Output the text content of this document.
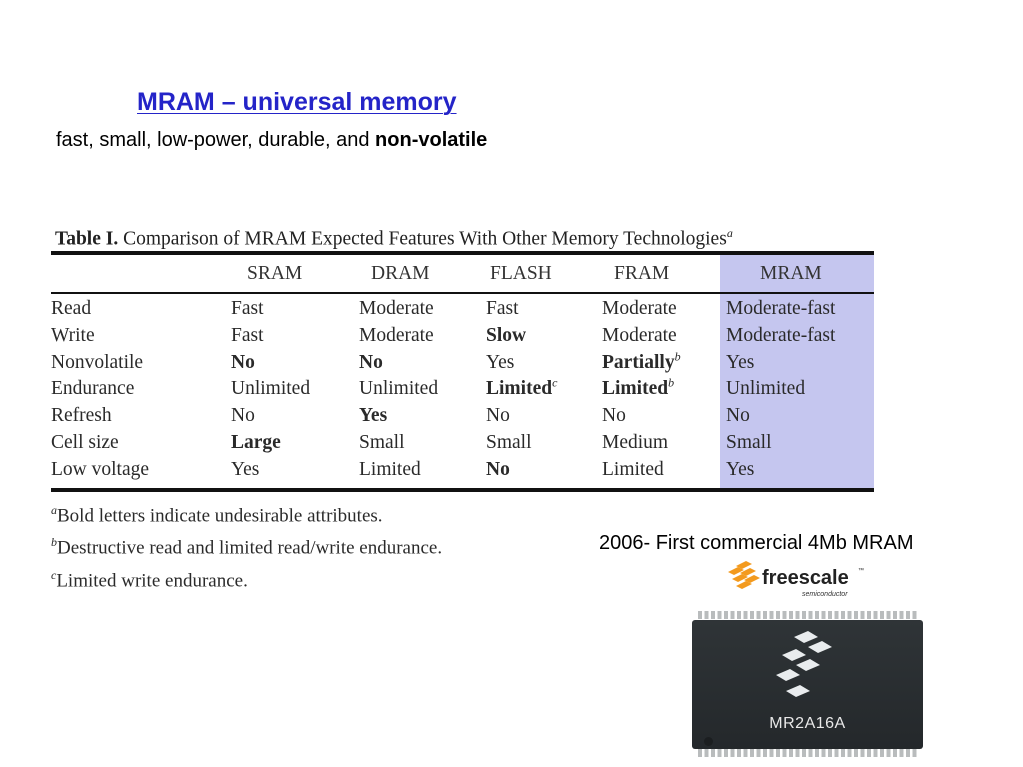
MRAM – universal memory
fast, small, low-power, durable, and non-volatile
Table I. Comparison of MRAM Expected Features With Other Memory Technologies$^a$
	SRAM	DRAM	FLASH	FRAM	MRAM
Read	Fast	Moderate	Fast	Moderate	Moderate-fast
Write	Fast	Moderate	Slow	Moderate	Moderate-fast
Nonvolatile	No	No	Yes	Partially$^b$	Yes
Endurance	Unlimited	Unlimited	Limited$^c$	Limited$^b$	Unlimited
Refresh	No	Yes	No	No	No
Cell size	Large	Small	Small	Medium	Small
Low voltage	Yes	Limited	No	Limited	Yes
$^a$Bold letters indicate undesirable attributes.
$^b$Destructive read and limited read/write endurance.
$^c$Limited write endurance.
2006- First commercial 4Mb MRAM
freescale ™
semiconductor
MR2A16A
